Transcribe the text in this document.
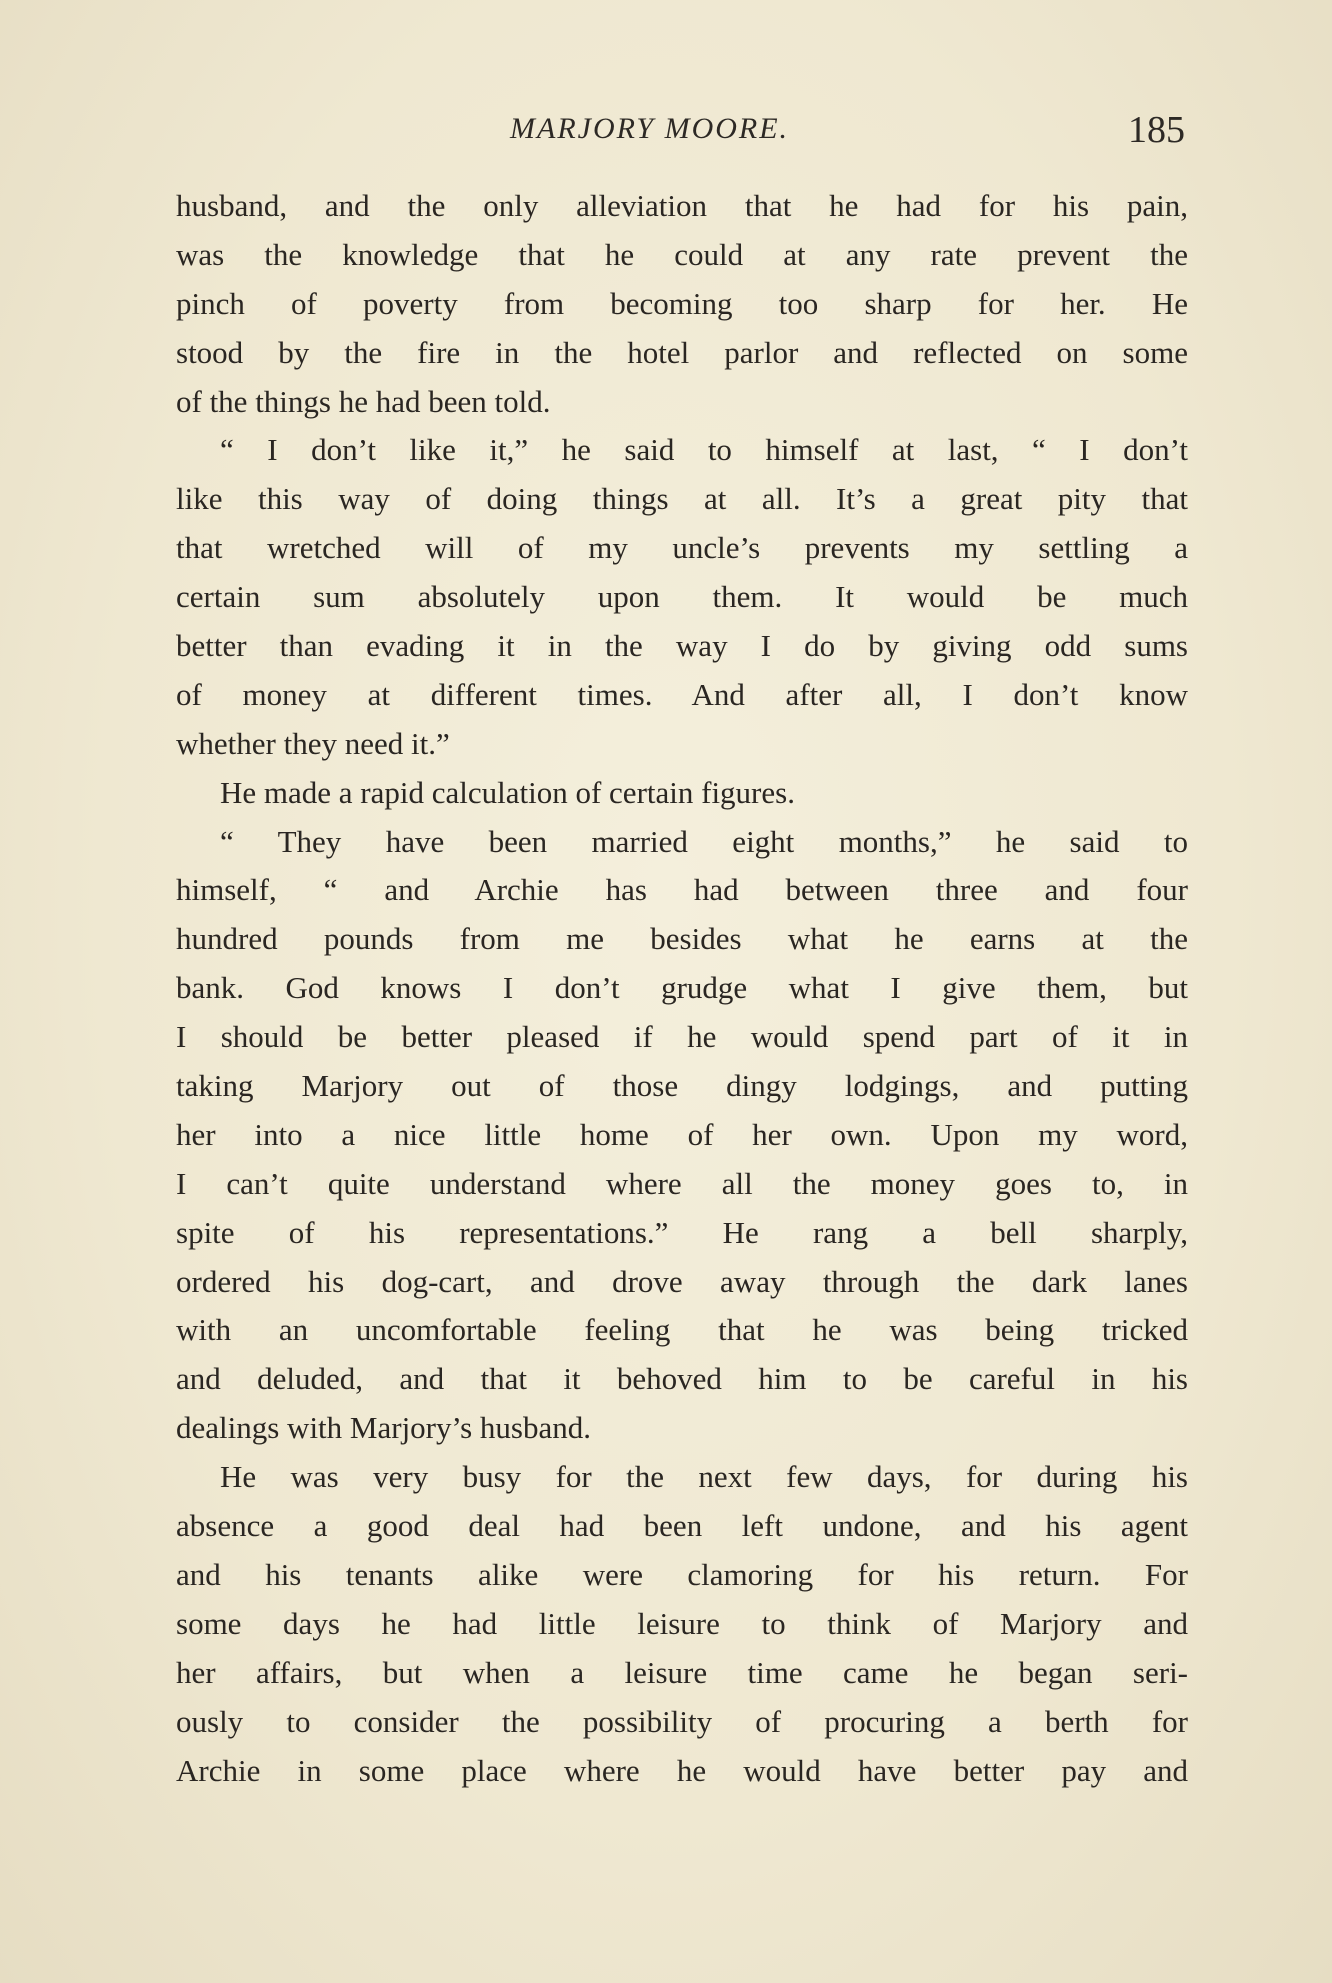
MARJORY MOORE.	185
husband, and the only alleviation that he had for his pain,
was the knowledge that he could at any rate prevent the
pinch of poverty from becoming too sharp for her. He
stood by the fire in the hotel parlor and reflected on some
of the things he had been told.
“ I don’t like it,” he said to himself at last, “ I don’t
like this way of doing things at all. It’s a great pity that
that wretched will of my uncle’s prevents my settling a
certain sum absolutely upon them. It would be much
better than evading it in the way I do by giving odd sums
of money at different times. And after all, I don’t know
whether they need it.”
He made a rapid calculation of certain figures.
“ They have been married eight months,” he said to
himself, “ and Archie has had between three and four
hundred pounds from me besides what he earns at the
bank. God knows I don’t grudge what I give them, but
I should be better pleased if he would spend part of it in
taking Marjory out of those dingy lodgings, and putting
her into a nice little home of her own. Upon my word,
I can’t quite understand where all the money goes to, in
spite of his representations.” He rang a bell sharply,
ordered his dog-cart, and drove away through the dark lanes
with an uncomfortable feeling that he was being tricked
and deluded, and that it behoved him to be careful in his
dealings with Marjory’s husband.
He was very busy for the next few days, for during his
absence a good deal had been left undone, and his agent
and his tenants alike were clamoring for his return. For
some days he had little leisure to think of Marjory and
her affairs, but when a leisure time came he began seri-
ously to consider the possibility of procuring a berth for
Archie in some place where he would have better pay and
